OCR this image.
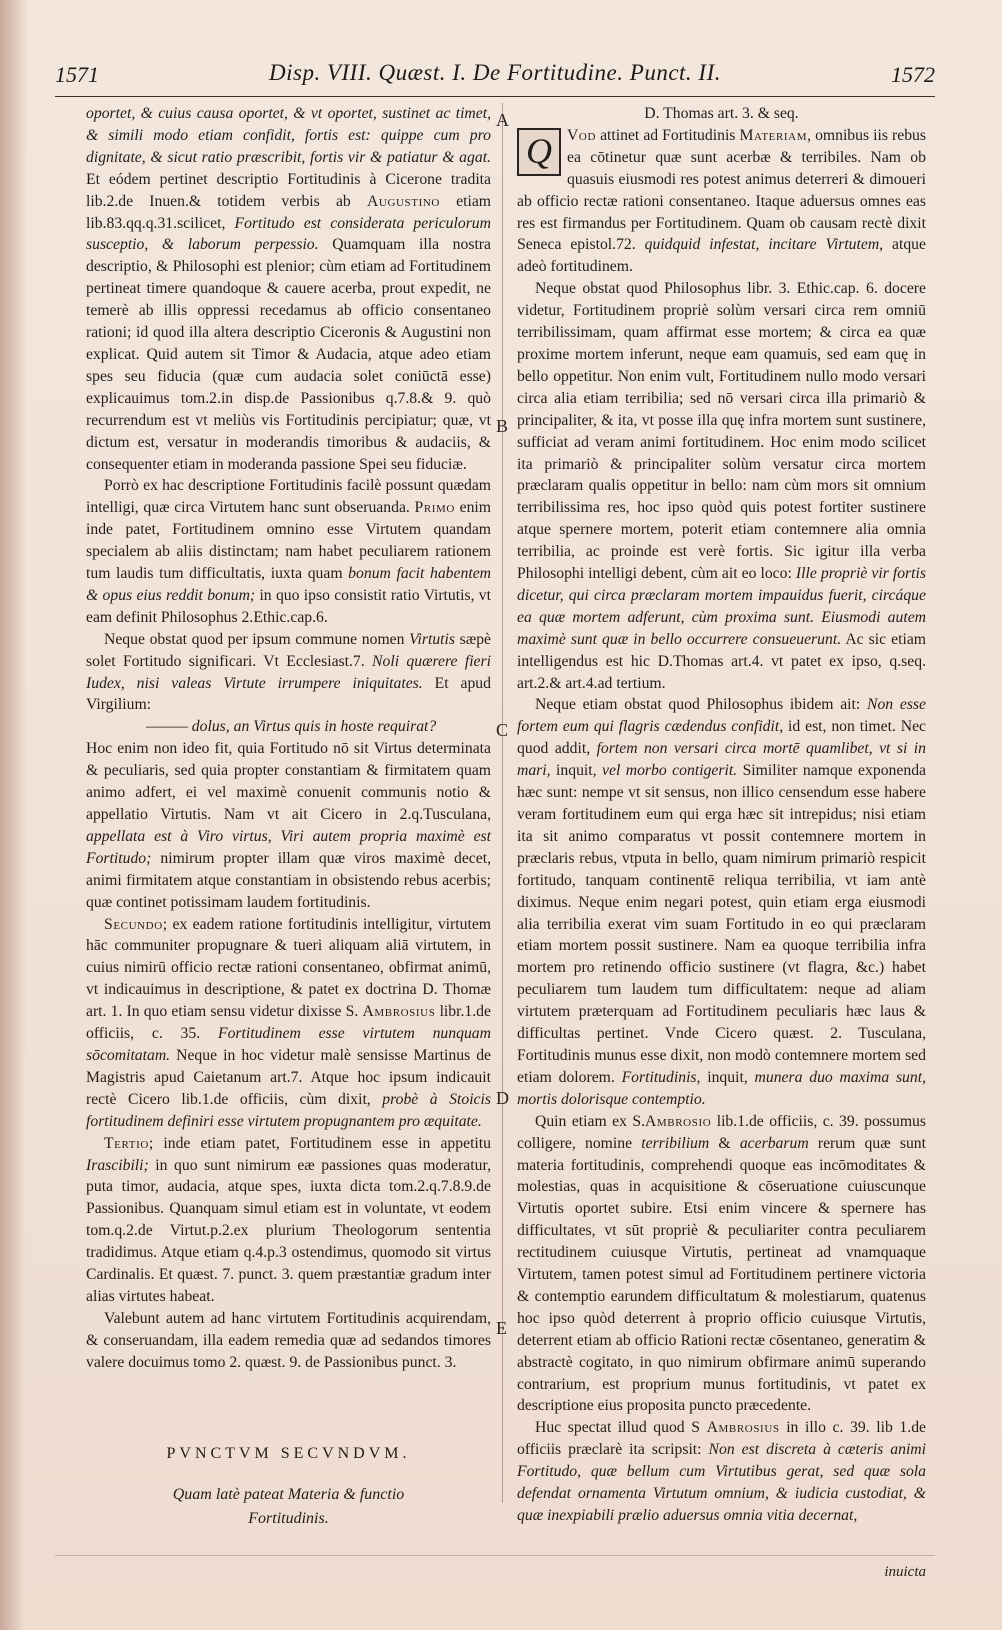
1571	Disp. VIII. Quæst. I. De Fortitudine. Punct. II.	1572
A
B
C
D
E

oportet, & cuius causa oportet, & vt oportet, sustinet ac timet, & simili modo etiam confidit, fortis est: quippe cum pro dignitate, & sicut ratio præscribit, fortis vir & patiatur & agat. Et eódem pertinet descriptio Fortitudinis à Cicerone tradita lib.2.de Inuen.& totidem verbis ab Augustino etiam lib.83.qq.q.31.scilicet, Fortitudo est considerata periculorum susceptio, & laborum perpessio. Quamquam illa nostra descriptio, & Philosophi est plenior; cùm etiam ad Fortitudinem pertineat timere quandoque & cauere acerba, prout expedit, ne temerè ab illis oppressi recedamus ab officio consentaneo rationi; id quod illa altera descriptio Ciceronis & Augustini non explicat. Quid autem sit Timor & Audacia, atque adeo etiam spes seu fiducia (quæ cum audacia solet coniūctā esse) explicauimus tom.2.in disp.de Passionibus q.7.8.& 9. quò recurrendum est vt meliùs vis Fortitudinis percipiatur; quæ, vt dictum est, versatur in moderandis timoribus & audaciis, & consequenter etiam in moderanda passione Spei seu fiduciæ.

Porrò ex hac descriptione Fortitudinis facilè possunt quædam intelligi, quæ circa Virtutem hanc sunt obseruanda. Primo enim inde patet, Fortitudinem omnino esse Virtutem quandam specialem ab aliis distinctam; nam habet peculiarem rationem tum laudis tum difficultatis, iuxta quam bonum facit habentem & opus eius reddit bonum; in quo ipso consistit ratio Virtutis, vt eam definit Philosophus 2.Ethic.cap.6.

Neque obstat quod per ipsum commune nomen Virtutis sæpè solet Fortitudo significari. Vt Ecclesiast.7. Noli quærere fieri Iudex, nisi valeas Virtute irrumpere iniquitates. Et apud Virgilium:

——— dolus, an Virtus quis in hoste requirat?

Hoc enim non ideo fit, quia Fortitudo nō sit Virtus determinata & peculiaris, sed quia propter constantiam & firmitatem quam animo adfert, ei vel maximè conuenit communis notio & appellatio Virtutis. Nam vt ait Cicero in 2.q.Tusculana, appellata est à Viro virtus, Viri autem propria maximè est Fortitudo; nimirum propter illam quæ viros maximè decet, animi firmitatem atque constantiam in obsistendo rebus acerbis; quæ continet potissimam laudem fortitudinis.

Secundo; ex eadem ratione fortitudinis intelligitur, virtutem hāc communiter propugnare & tueri aliquam aliā virtutem, in cuius nimirū officio rectæ rationi consentaneo, obfirmat animū, vt indicauimus in descriptione, & patet ex doctrina D. Thomæ art. 1. In quo etiam sensu videtur dixisse S. Ambrosius libr.1.de officiis, c. 35. Fortitudinem esse virtutem nunquam sōcomitatam. Neque in hoc videtur malè sensisse Martinus de Magistris apud Caietanum art.7. Atque hoc ipsum indicauit rectè Cicero lib.1.de officiis, cùm dixit, probè à Stoicis fortitudinem definiri esse virtutem propugnantem pro æquitate.

Tertio; inde etiam patet, Fortitudinem esse in appetitu Irascibili; in quo sunt nimirum eæ passiones quas moderatur, puta timor, audacia, atque spes, iuxta dicta tom.2.q.7.8.9.de Passionibus. Quanquam simul etiam est in voluntate, vt eodem tom.q.2.de Virtut.p.2.ex plurium Theologorum sententia tradidimus. Atque etiam q.4.p.3 ostendimus, quomodo sit virtus Cardinalis. Et quæst. 7. punct. 3. quem præstantiæ gradum inter alias virtutes habeat.

Valebunt autem ad hanc virtutem Fortitudinis acquirendam, & conseruandam, illa eadem remedia quæ ad sedandos timores valere docuimus tomo 2. quæst. 9. de Passionibus punct. 3.

PVNCTVM SECVNDVM.
Quam latè pateat Materia & functio
Fortitudinis.

D. Thomas art. 3. & seq.

Q Vod attinet ad Fortitudinis Materiam, omnibus iis rebus ea cōtinetur quæ sunt acerbæ & terribiles. Nam ob quasuis eiusmodi res potest animus deterreri & dimoueri ab officio rectæ rationi consentaneo. Itaque aduersus omnes eas res est firmandus per Fortitudinem. Quam ob causam rectè dixit Seneca epistol.72. quidquid infestat, incitare Virtutem, atque adeò fortitudinem.

Neque obstat quod Philosophus libr. 3. Ethic.cap. 6. docere videtur, Fortitudinem propriè solùm versari circa rem omniū terribilissimam, quam affirmat esse mortem; & circa ea quæ proxime mortem inferunt, neque eam quamuis, sed eam quę in bello oppetitur. Non enim vult, Fortitudinem nullo modo versari circa alia etiam terribilia; sed nō versari circa illa primariò & principaliter, & ita, vt posse illa quę infra mortem sunt sustinere, sufficiat ad veram animi fortitudinem. Hoc enim modo scilicet ita primariò & principaliter solùm versatur circa mortem præclaram qualis oppetitur in bello: nam cùm mors sit omnium terribilissima res, hoc ipso quòd quis potest fortiter sustinere atque spernere mortem, poterit etiam contemnere alia omnia terribilia, ac proinde est verè fortis. Sic igitur illa verba Philosophi intelligi debent, cùm ait eo loco: Ille propriè vir fortis dicetur, qui circa præclaram mortem impauidus fuerit, circáque ea quæ mortem adferunt, cùm proxima sunt. Eiusmodi autem maximè sunt quæ in bello occurrere consueuerunt. Ac sic etiam intelligendus est hic D.Thomas art.4. vt patet ex ipso, q.seq. art.2.& art.4.ad tertium.

Neque etiam obstat quod Philosophus ibidem ait: Non esse fortem eum qui flagris cædendus confidit, id est, non timet. Nec quod addit, fortem non versari circa mortē quamlibet, vt si in mari, inquit, vel morbo contigerit. Similiter namque exponenda hæc sunt: nempe vt sit sensus, non illico censendum esse habere veram fortitudinem eum qui erga hæc sit intrepidus; nisi etiam ita sit animo comparatus vt possit contemnere mortem in præclaris rebus, vtputa in bello, quam nimirum primariò respicit fortitudo, tanquam continentē reliqua terribilia, vt iam antè diximus. Neque enim negari potest, quin etiam erga eiusmodi alia terribilia exerat vim suam Fortitudo in eo qui præclaram etiam mortem possit sustinere. Nam ea quoque terribilia infra mortem pro retinendo officio sustinere (vt flagra, &c.) habet peculiarem tum laudem tum difficultatem: neque ad aliam virtutem præterquam ad Fortitudinem peculiaris hæc laus & difficultas pertinet. Vnde Cicero quæst. 2. Tusculana, Fortitudinis munus esse dixit, non modò contemnere mortem sed etiam dolorem. Fortitudinis, inquit, munera duo maxima sunt, mortis dolorisque contemptio.

Quin etiam ex S.Ambrosio lib.1.de officiis, c. 39. possumus colligere, nomine terribilium & acerbarum rerum quæ sunt materia fortitudinis, comprehendi quoque eas incōmoditates & molestias, quas in acquisitione & cōseruatione cuiuscunque Virtutis oportet subire. Etsi enim vincere & spernere has difficultates, vt sūt propriè & peculiariter contra peculiarem rectitudinem cuiusque Virtutis, pertineat ad vnamquaque Virtutem, tamen potest simul ad Fortitudinem pertinere victoria & contemptio earundem difficultatum & molestiarum, quatenus hoc ipso quòd deterrent à proprio officio cuiusque Virtutis, deterrent etiam ab officio Rationi rectæ cōsentaneo, generatim & abstractè cogitato, in quo nimirum obfirmare animū superando contrarium, est proprium munus fortitudinis, vt patet ex descriptione eius proposita puncto præcedente.

Huc spectat illud quod S Ambrosius in illo c. 39. lib 1.de officiis præclarè ita scripsit: Non est discreta à cæteris animi Fortitudo, quæ bellum cum Virtutibus gerat, sed quæ sola defendat ornamenta Virtutum omnium, & iudicia custodiat, & quæ inexpiabili prælio aduersus omnia vitia decernat,

inuicta
